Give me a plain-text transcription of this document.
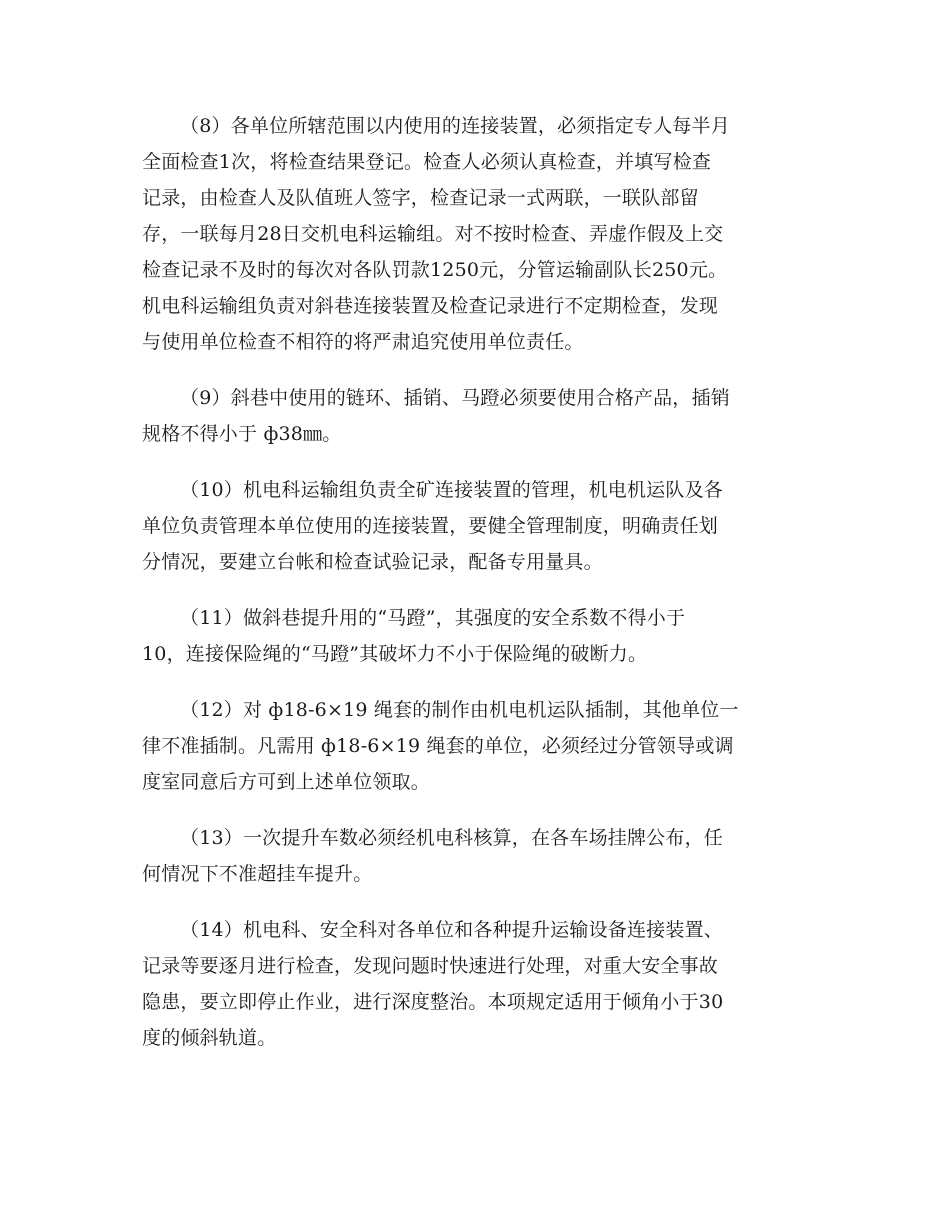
（8）各单位所辖范围以内使用的连接装置，必须指定专人每半月
全面检查1次，将检查结果登记。检查人必须认真检查，并填写检查
记录，由检查人及队值班人签字，检查记录一式两联，一联队部留
存，一联每月28日交机电科运输组。对不按时检查、弄虚作假及上交
检查记录不及时的每次对各队罚款1250元，分管运输副队长250元。
机电科运输组负责对斜巷连接装置及检查记录进行不定期检查，发现
与使用单位检查不相符的将严肃追究使用单位责任。
（9）斜巷中使用的链环、插销、马蹬必须要使用合格产品，插销
规格不得小于 ф38㎜。
（10）机电科运输组负责全矿连接装置的管理，机电机运队及各
单位负责管理本单位使用的连接装置，要健全管理制度，明确责任划
分情况，要建立台帐和检查试验记录，配备专用量具。
（11）做斜巷提升用的“马蹬”，其强度的安全系数不得小于
10，连接保险绳的“马蹬”其破坏力不小于保险绳的破断力。
（12）对 ф18-6×19 绳套的制作由机电机运队插制，其他单位一
律不准插制。凡需用 ф18-6×19 绳套的单位，必须经过分管领导或调
度室同意后方可到上述单位领取。
（13）一次提升车数必须经机电科核算，在各车场挂牌公布，任
何情况下不准超挂车提升。
（14）机电科、安全科对各单位和各种提升运输设备连接装置、
记录等要逐月进行检查，发现问题时快速进行处理，对重大安全事故
隐患，要立即停止作业，进行深度整治。本项规定适用于倾角小于30
度的倾斜轨道。
